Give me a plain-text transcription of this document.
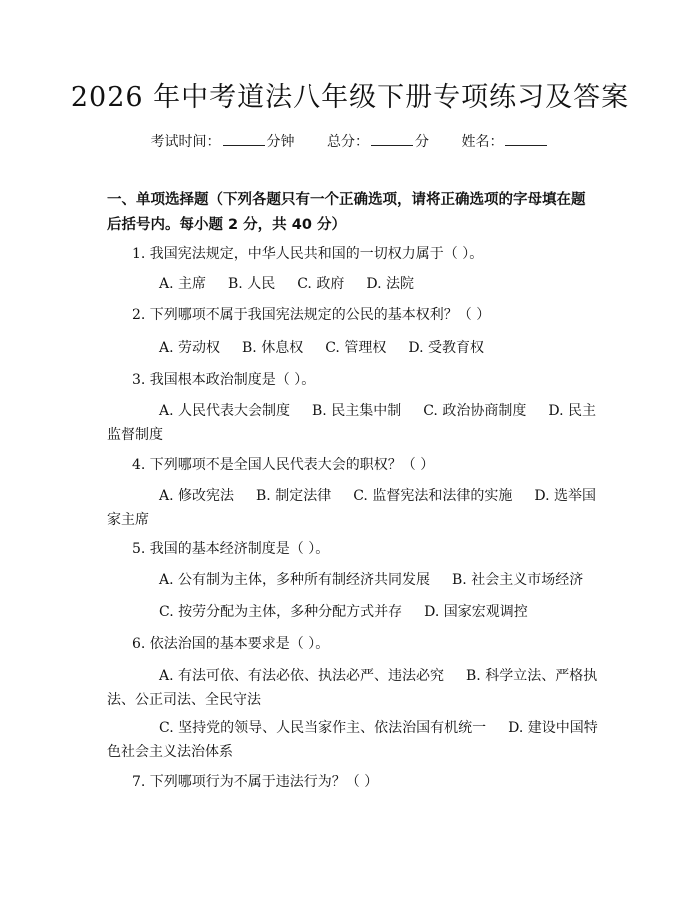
2026 年中考道法八年级下册专项练习及答案
考试时间：	分钟 总分：	分 姓名：
一、单项选择题（下列各题只有一个正确选项，请将正确选项的字母填在题后括号内。每小题 2 分，共 40 分）
1. 我国宪法规定，中华人民共和国的一切权力属于（ ）。
A. 主席 B. 人民 C. 政府 D. 法院
2. 下列哪项不属于我国宪法规定的公民的基本权利？（ ）
A. 劳动权 B. 休息权 C. 管理权 D. 受教育权
3. 我国根本政治制度是（ ）。
A. 人民代表大会制度 B. 民主集中制 C. 政治协商制度 D. 民主监督制度
4. 下列哪项不是全国人民代表大会的职权？（ ）
A. 修改宪法 B. 制定法律 C. 监督宪法和法律的实施 D. 选举国家主席
5. 我国的基本经济制度是（ ）。
A. 公有制为主体，多种所有制经济共同发展 B. 社会主义市场经济
C. 按劳分配为主体，多种分配方式并存 D. 国家宏观调控
6. 依法治国的基本要求是（ ）。
A. 有法可依、有法必依、执法必严、违法必究 B. 科学立法、严格执法、公正司法、全民守法
C. 坚持党的领导、人民当家作主、依法治国有机统一 D. 建设中国特色社会主义法治体系
7. 下列哪项行为不属于违法行为？（ ）
